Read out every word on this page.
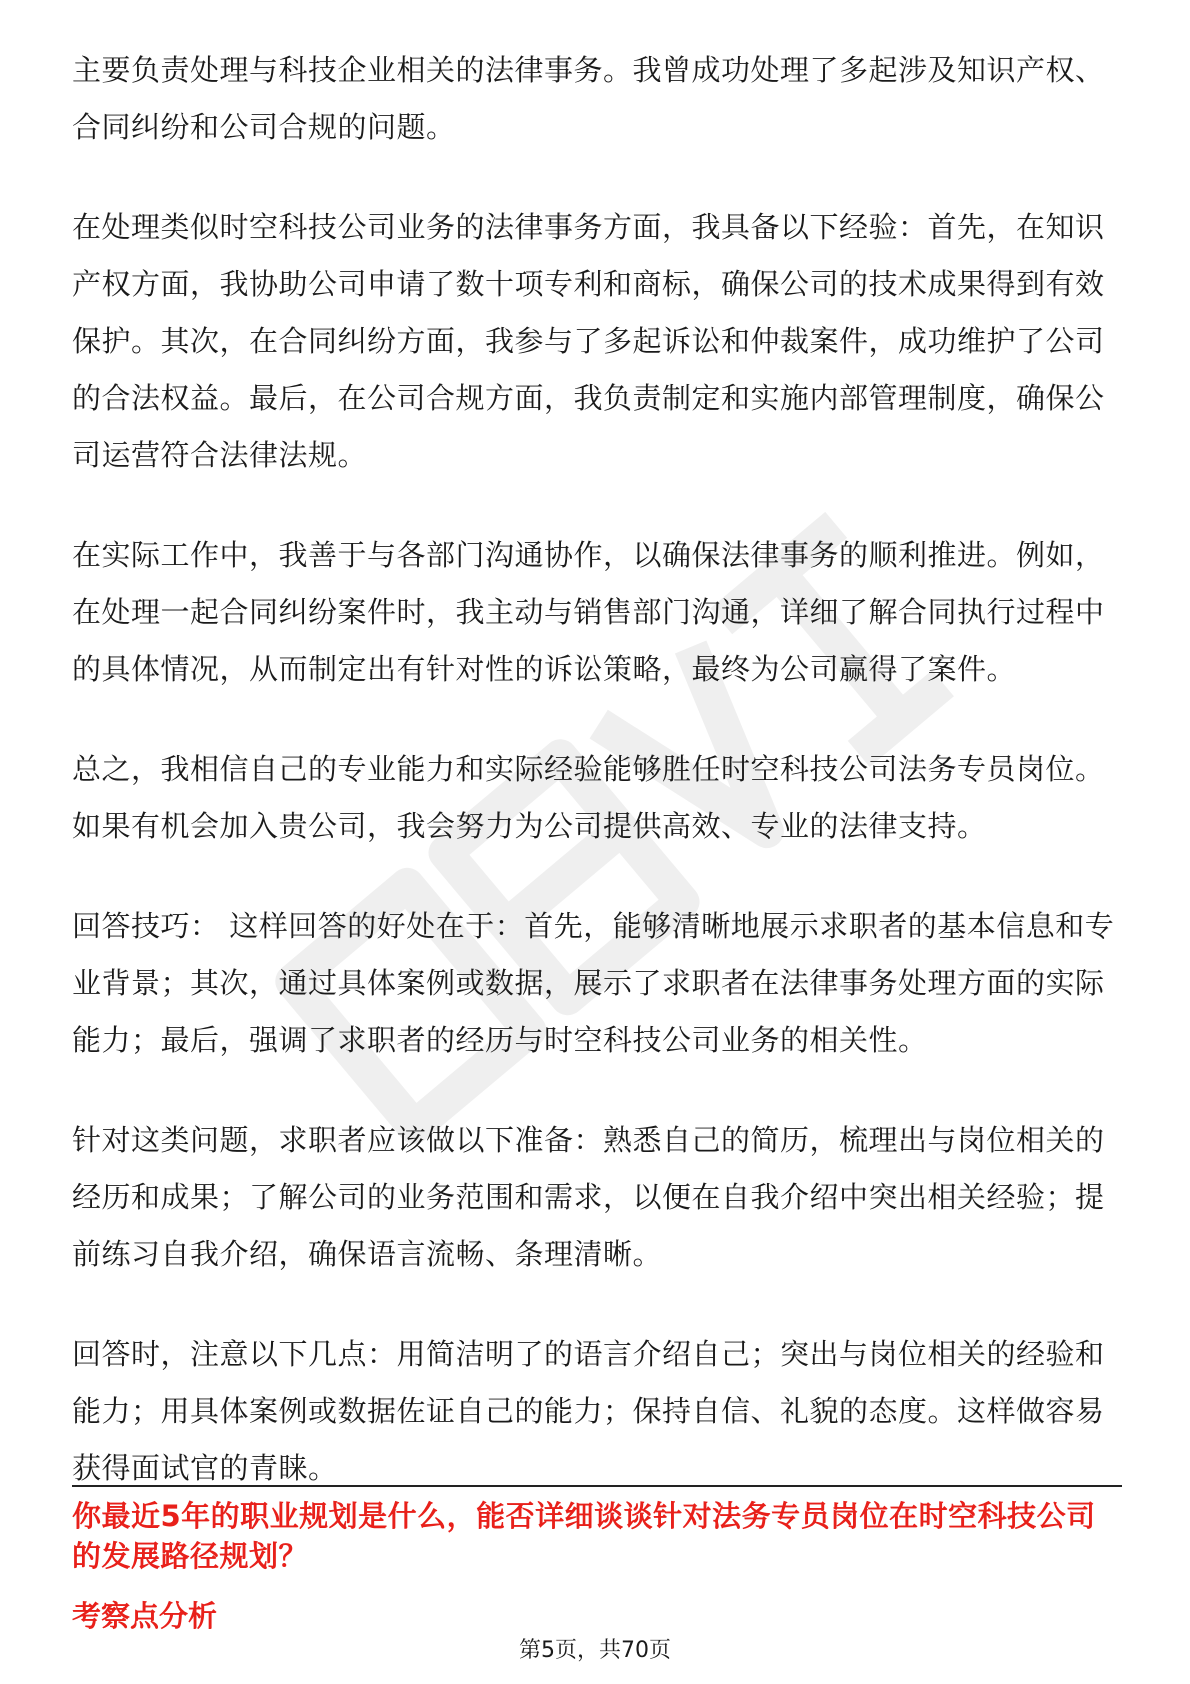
主要负责处理与科技企业相关的法律事务。我曾成功处理了多起涉及知识产权、合同纠纷和公司合规的问题。

在处理类似时空科技公司业务的法律事务方面，我具备以下经验：首先，在知识产权方面，我协助公司申请了数十项专利和商标，确保公司的技术成果得到有效保护。其次，在合同纠纷方面，我参与了多起诉讼和仲裁案件，成功维护了公司的合法权益。最后，在公司合规方面，我负责制定和实施内部管理制度，确保公司运营符合法律法规。

在实际工作中，我善于与各部门沟通协作，以确保法律事务的顺利推进。例如，在处理一起合同纠纷案件时，我主动与销售部门沟通，详细了解合同执行过程中的具体情况，从而制定出有针对性的诉讼策略，最终为公司赢得了案件。

总之，我相信自己的专业能力和实际经验能够胜任时空科技公司法务专员岗位。如果有机会加入贵公司，我会努力为公司提供高效、专业的法律支持。

回答技巧： 这样回答的好处在于：首先，能够清晰地展示求职者的基本信息和专业背景；其次，通过具体案例或数据，展示了求职者在法律事务处理方面的实际能力；最后，强调了求职者的经历与时空科技公司业务的相关性。

针对这类问题，求职者应该做以下准备：熟悉自己的简历，梳理出与岗位相关的经历和成果；了解公司的业务范围和需求，以便在自我介绍中突出相关经验；提前练习自我介绍，确保语言流畅、条理清晰。

回答时，注意以下几点：用简洁明了的语言介绍自己；突出与岗位相关的经验和能力；用具体案例或数据佐证自己的能力；保持自信、礼貌的态度。这样做容易获得面试官的青睐。

你最近5年的职业规划是什么，能否详细谈谈针对法务专员岗位在时空科技公司的发展路径规划？
考察点分析
第5页，共70页
